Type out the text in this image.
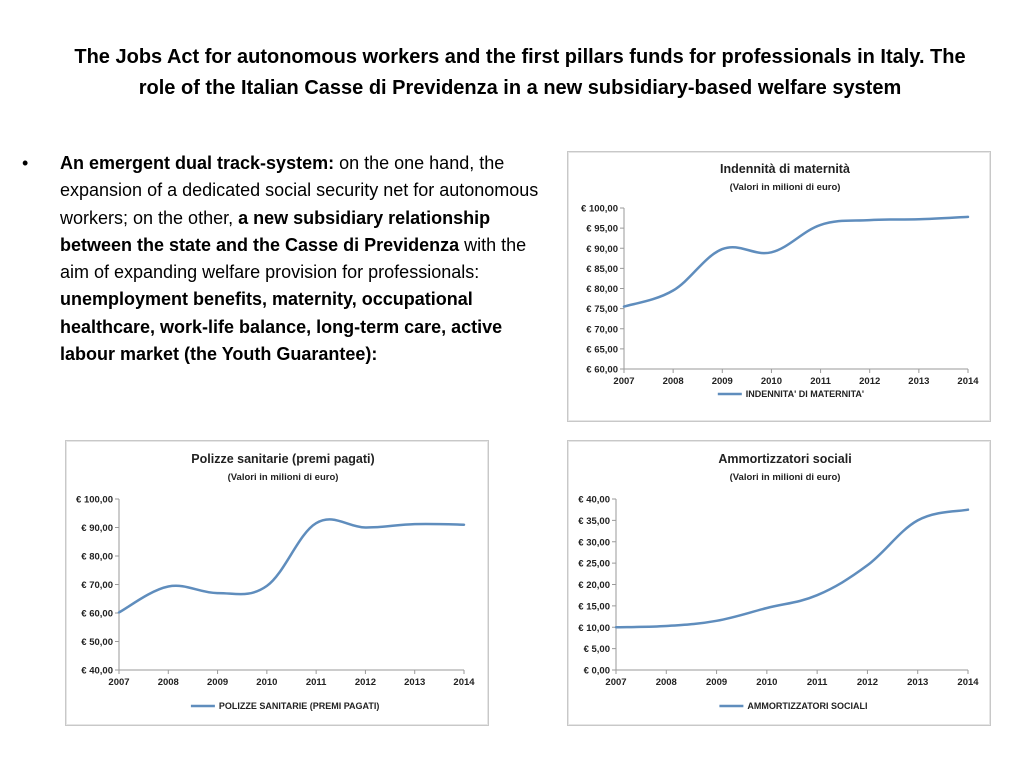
The Jobs Act for autonomous workers and the first pillars funds for professionals in Italy. The role of the Italian Casse di Previdenza in a new subsidiary-based welfare system
• An emergent dual track-system: on the one hand, the expansion of a dedicated social security net for autonomous workers; on the other, a new subsidiary relationship between the state and the Casse di Previdenza with the aim of expanding welfare provision for professionals: unemployment benefits, maternity, occupational healthcare, work-life balance, long-term care, active labour market (the Youth Guarantee):
Indennità di maternità
(Valori in milioni di euro)
€ 60,00
€ 65,00
€ 70,00
€ 75,00
€ 80,00
€ 85,00
€ 90,00
€ 95,00
€ 100,00
2007	2008	2009	2010	2011	2012	2013	2014
INDENNITA' DI MATERNITA'
Polizze sanitarie (premi pagati)
(Valori in milioni di euro)
€ 40,00
€ 50,00
€ 60,00
€ 70,00
€ 80,00
€ 90,00
€ 100,00
2007	2008	2009	2010	2011	2012	2013	2014
POLIZZE SANITARIE (PREMI PAGATI)
Ammortizzatori sociali
(Valori in milioni di euro)
€ 0,00
€ 5,00
€ 10,00
€ 15,00
€ 20,00
€ 25,00
€ 30,00
€ 35,00
€ 40,00
2007	2008	2009	2010	2011	2012	2013	2014
AMMORTIZZATORI SOCIALI
